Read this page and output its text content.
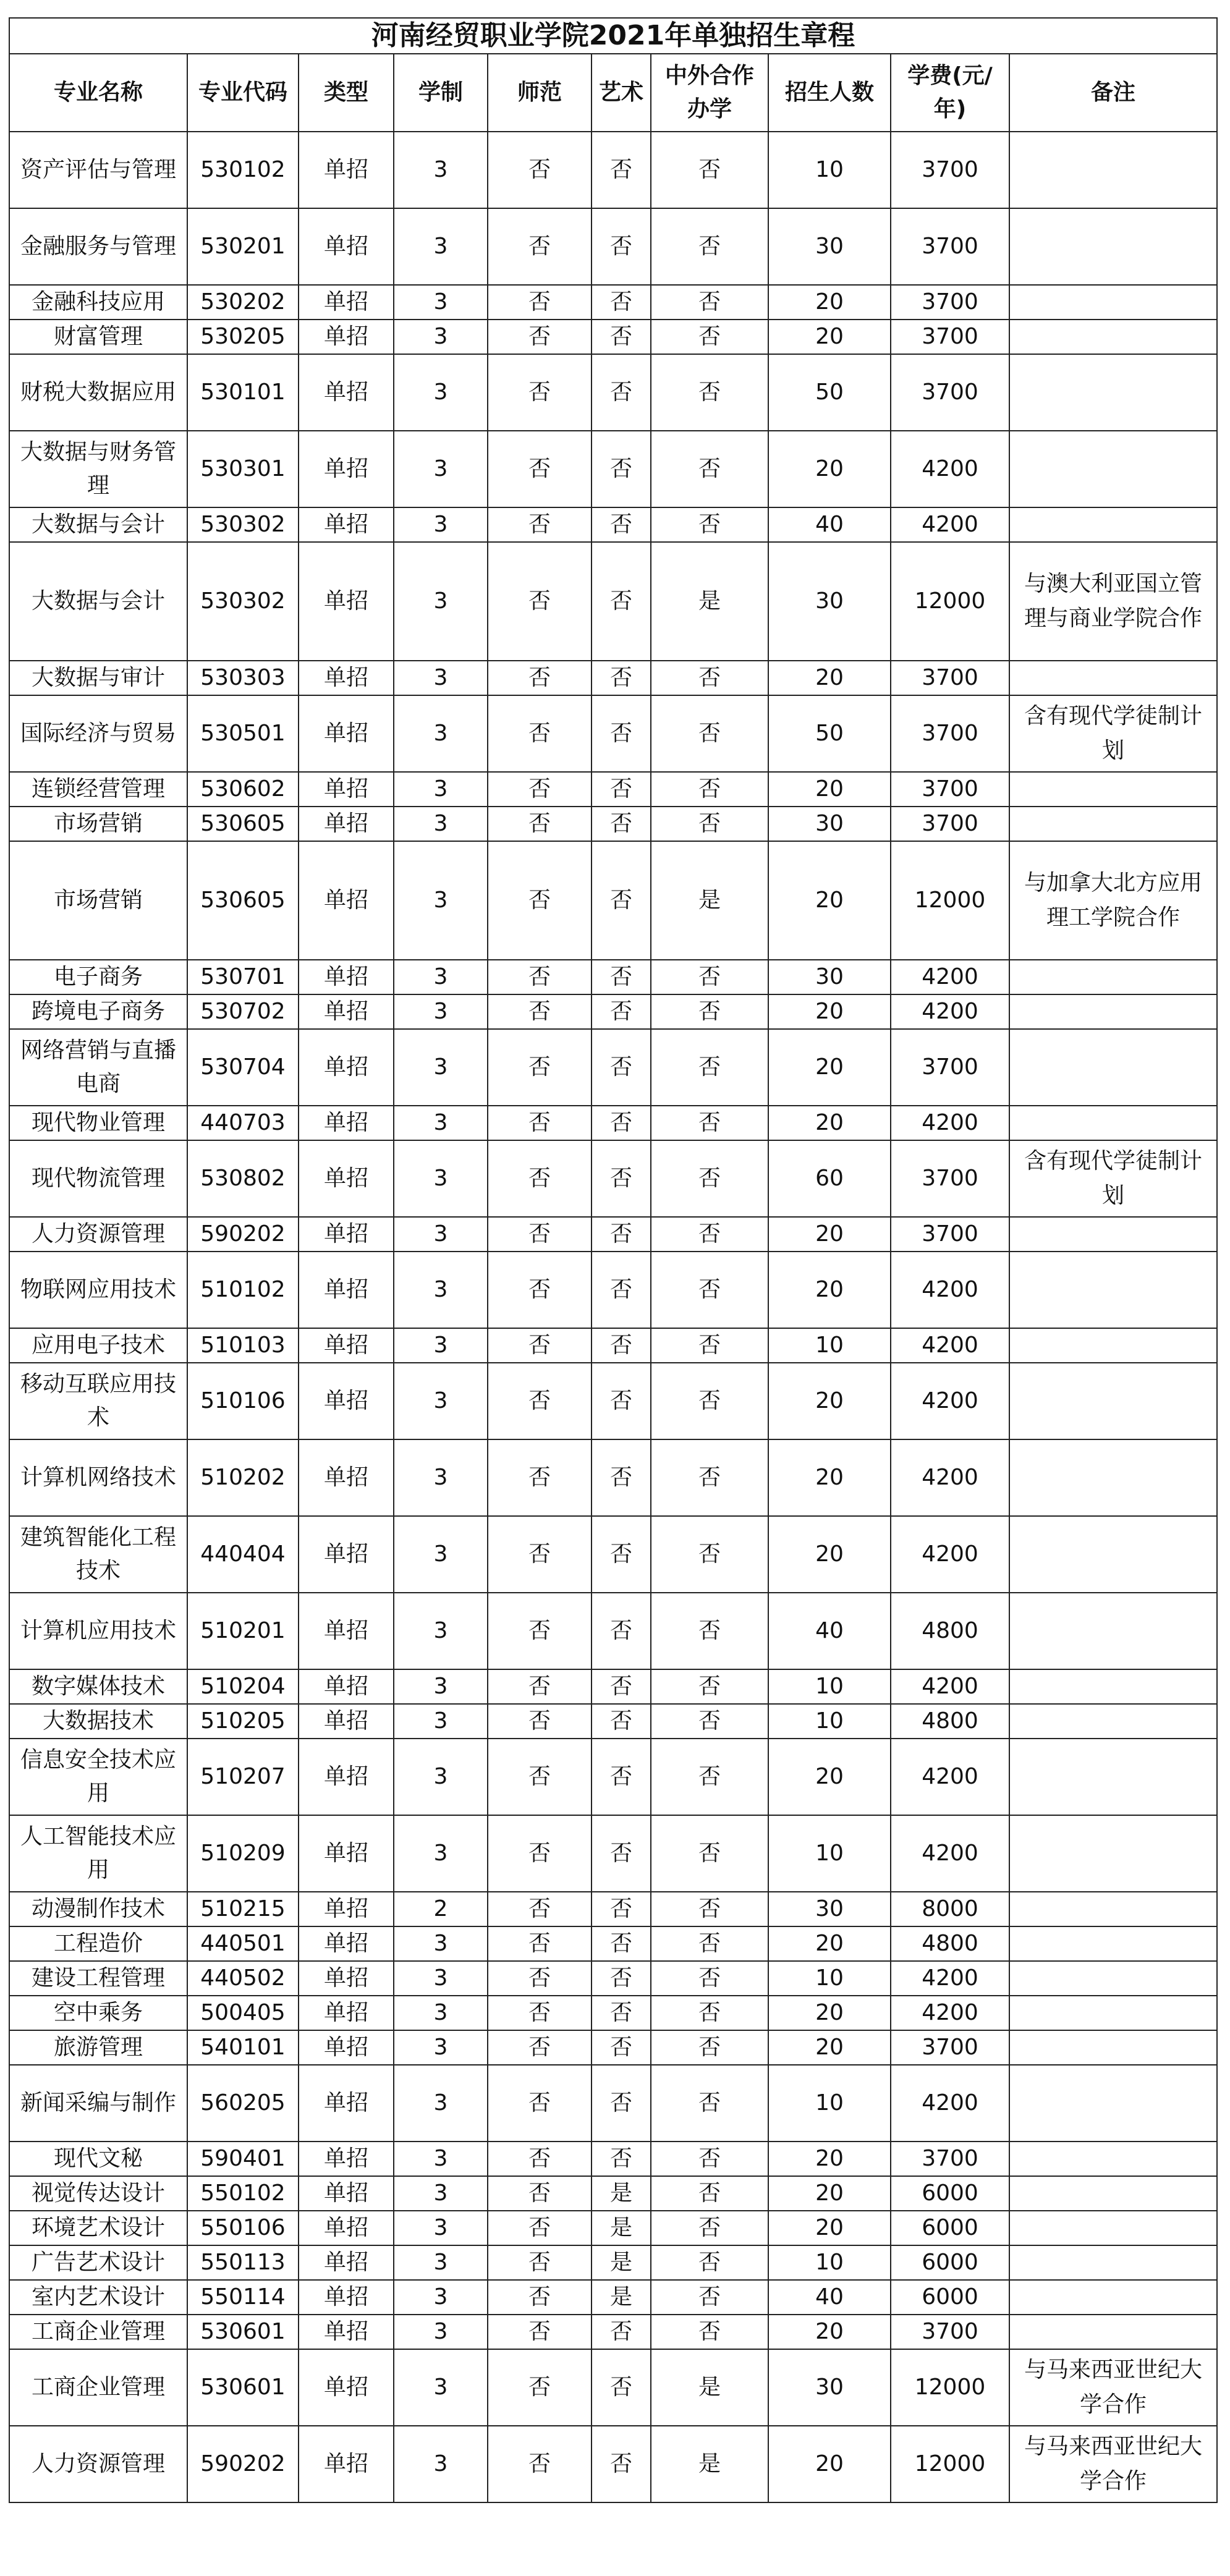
河南经贸职业学院2021年单独招生章程									
专业名称	专业代码	类型	学制	师范	艺术	中外合作办学	招生人数	学费(元/年)	备注
资产评估与管理	530102	单招	3	否	否	否	10	3700	
金融服务与管理	530201	单招	3	否	否	否	30	3700	
金融科技应用	530202	单招	3	否	否	否	20	3700	
财富管理	530205	单招	3	否	否	否	20	3700	
财税大数据应用	530101	单招	3	否	否	否	50	3700	
大数据与财务管理	530301	单招	3	否	否	否	20	4200	
大数据与会计	530302	单招	3	否	否	否	40	4200	
大数据与会计	530302	单招	3	否	否	是	30	12000	与澳大利亚国立管理与商业学院合作
大数据与审计	530303	单招	3	否	否	否	20	3700	
国际经济与贸易	530501	单招	3	否	否	否	50	3700	含有现代学徒制计划
连锁经营管理	530602	单招	3	否	否	否	20	3700	
市场营销	530605	单招	3	否	否	否	30	3700	
市场营销	530605	单招	3	否	否	是	20	12000	与加拿大北方应用理工学院合作
电子商务	530701	单招	3	否	否	否	30	4200	
跨境电子商务	530702	单招	3	否	否	否	20	4200	
网络营销与直播电商	530704	单招	3	否	否	否	20	3700	
现代物业管理	440703	单招	3	否	否	否	20	4200	
现代物流管理	530802	单招	3	否	否	否	60	3700	含有现代学徒制计划
人力资源管理	590202	单招	3	否	否	否	20	3700	
物联网应用技术	510102	单招	3	否	否	否	20	4200	
应用电子技术	510103	单招	3	否	否	否	10	4200	
移动互联应用技术	510106	单招	3	否	否	否	20	4200	
计算机网络技术	510202	单招	3	否	否	否	20	4200	
建筑智能化工程技术	440404	单招	3	否	否	否	20	4200	
计算机应用技术	510201	单招	3	否	否	否	40	4800	
数字媒体技术	510204	单招	3	否	否	否	10	4200	
大数据技术	510205	单招	3	否	否	否	10	4800	
信息安全技术应用	510207	单招	3	否	否	否	20	4200	
人工智能技术应用	510209	单招	3	否	否	否	10	4200	
动漫制作技术	510215	单招	2	否	否	否	30	8000	
工程造价	440501	单招	3	否	否	否	20	4800	
建设工程管理	440502	单招	3	否	否	否	10	4200	
空中乘务	500405	单招	3	否	否	否	20	4200	
旅游管理	540101	单招	3	否	否	否	20	3700	
新闻采编与制作	560205	单招	3	否	否	否	10	4200	
现代文秘	590401	单招	3	否	否	否	20	3700	
视觉传达设计	550102	单招	3	否	是	否	20	6000	
环境艺术设计	550106	单招	3	否	是	否	20	6000	
广告艺术设计	550113	单招	3	否	是	否	10	6000	
室内艺术设计	550114	单招	3	否	是	否	40	6000	
工商企业管理	530601	单招	3	否	否	否	20	3700	
工商企业管理	530601	单招	3	否	否	是	30	12000	与马来西亚世纪大学合作
人力资源管理	590202	单招	3	否	否	是	20	12000	与马来西亚世纪大学合作
